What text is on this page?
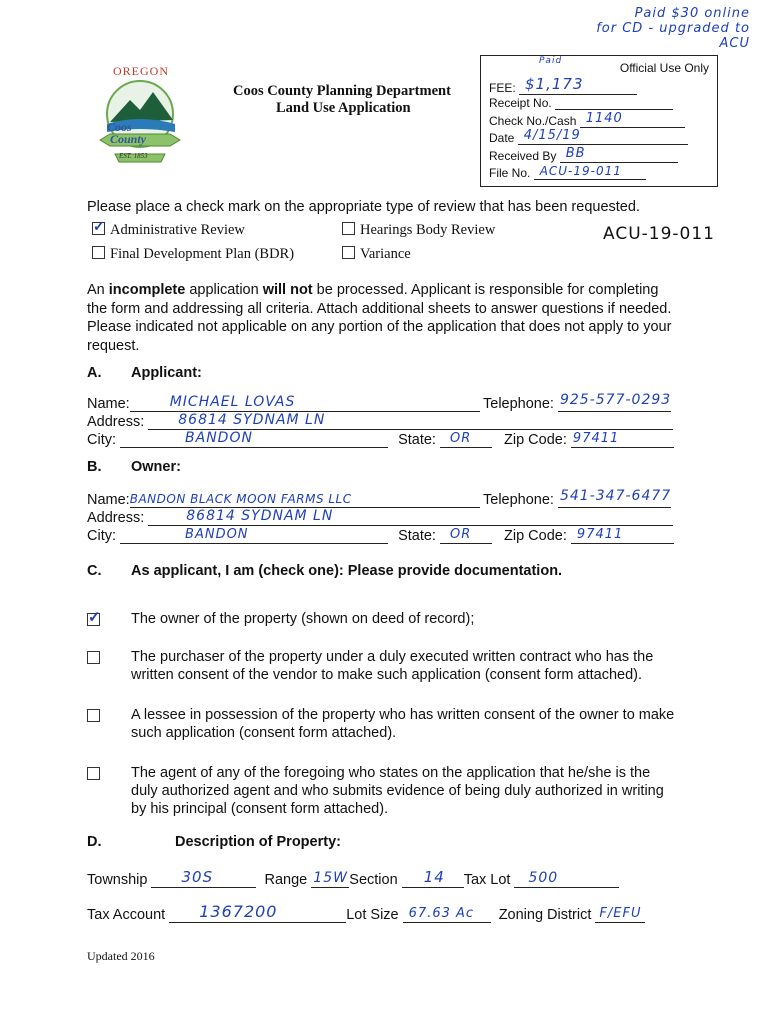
Paid $30 online
for CD - upgraded to
ACU
OREGON
Coos
County
EST. 1853
Coos County Planning Department
Land Use Application
Official Use Only
Paid
FEE: $1,173
Receipt No.
Check No./Cash 1140
Date 4/15/19
Received By BB
File No. ACU-19-011
Please place a check mark on the appropriate type of review that has been requested.
✓Administrative Review	Hearings Body Review
Final Development Plan (BDR)	Variance
ACU-19-011
An incomplete application will not be processed. Applicant is responsible for completing
the form and addressing all criteria. Attach additional sheets to answer questions if needed.
Please indicated not applicable on any portion of the application that does not apply to your
request.
A. Applicant:
Name:	MICHAEL LOVAS	Telephone: 925-577-0293
Address: 86814 SYDNAM LN
City:	BANDON	State: OR Zip Code: 97411
B. Owner:
Name: BANDON BLACK MOON FARMS LLC	Telephone: 541-347-6477
Address:	86814 SYDNAM LN
City:	BANDON	State: OR Zip Code: 97411
C. As applicant, I am (check one): Please provide documentation.
✓
The owner of the property (shown on deed of record);
The purchaser of the property under a duly executed written contract who has the
written consent of the vendor to make such application (consent form attached).
A lessee in possession of the property who has written consent of the owner to make
such application (consent form attached).
The agent of any of the foregoing who states on the application that he/she is the
duly authorized agent and who submits evidence of being duly authorized in writing
by his principal (consent form attached).
D.	Description of Property:
Township 30S	Range 15W Section 14 Tax Lot 500
Tax Account 1367200	Lot Size 67.63 Ac Zoning District F/EFU
Updated 2016
